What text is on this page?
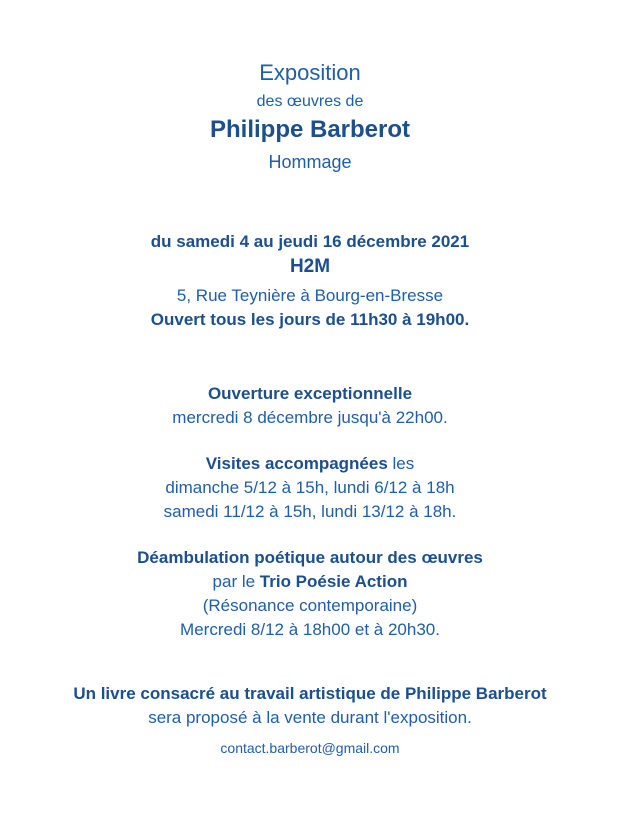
Exposition
des œuvres de
Philippe Barberot
Hommage
du samedi 4 au jeudi 16 décembre 2021
H2M
5, Rue Teynière à Bourg-en-Bresse
Ouvert tous les jours de 11h30 à 19h00.
Ouverture exceptionnelle
mercredi 8 décembre jusqu'à 22h00.
Visites accompagnées les
dimanche 5/12 à 15h, lundi 6/12 à 18h
samedi 11/12 à 15h, lundi 13/12 à 18h.
Déambulation poétique autour des œuvres
par le Trio Poésie Action
(Résonance contemporaine)
Mercredi 8/12 à 18h00 et à 20h30.
Un livre consacré au travail artistique de Philippe Barberot
sera proposé à la vente durant l'exposition.
contact.barberot@gmail.com
